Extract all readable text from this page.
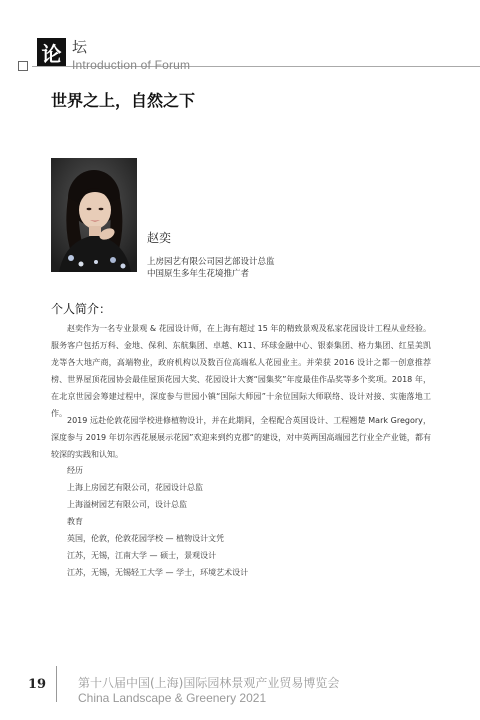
论 坛
Introduction of Forum
世界之上，自然之下
赵奕
上房园艺有限公司园艺部设计总监
中国原生多年生花境推广者
个人简介：

赵奕作为一名专业景观 & 花园设计师，在上海有超过 15 年的精致景观及私家花园设计工程从业经验。服务客户包括万科、金地、保利、东航集团、卓越、K11、环球金融中心、银泰集团、格力集团、红星美凯龙等各大地产商，高端物业，政府机构以及数百位高端私人花园业主。并荣获 2016 设计之都一创意推荐榜、世界屋顶花园协会最佳屋顶花园大奖、花园设计大赛“园集奖”年度最佳作品奖等多个奖项。2018 年，在北京世园会筹建过程中，深度参与世园小镇“国际大师园”十余位国际大师联络、设计对接、实施落地工作。

2019 远赴伦敦花园学校进修植物设计，并在此期间，全程配合英国设计、工程翘楚 Mark Gregory，深度参与 2019 年切尔西花展展示花园”欢迎来到约克郡“的建设，对中英两国高端园艺行业全产业链，都有较深的实践和认知。

经历
上海上房园艺有限公司，花园设计总监
上海溢树园艺有限公司，设计总监
教育
英国，伦敦，伦敦花园学校 — 植物设计文凭
江苏，无锡，江南大学 — 硕士，景观设计
江苏，无锡，无锡轻工大学 — 学士，环境艺术设计
19	第十八届中国(上海)国际园林景观产业贸易博览会
China Landscape & Greenery 2021
